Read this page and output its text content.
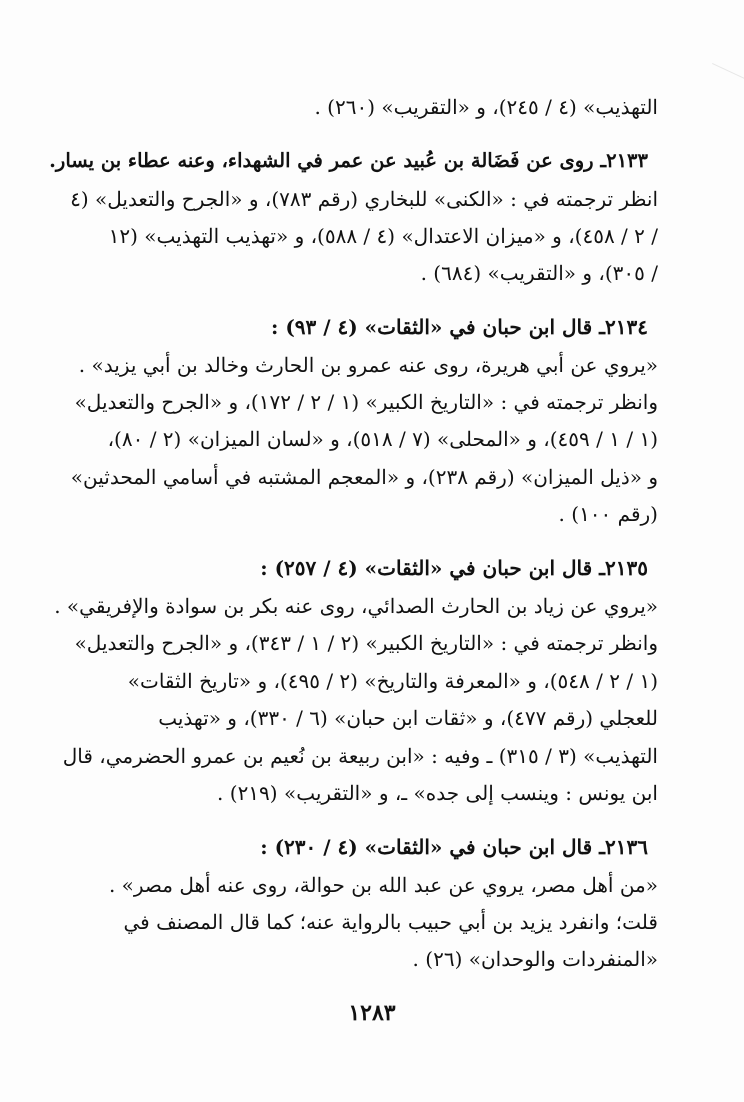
التهذيب» (٤ / ٢٤٥)، و «التقريب» (٢٦٠) .
٢١٣٣ـ روى عن فَضَالة بن عُبيد عن عمر في الشهداء، وعنه عطاء بن يسار.
انظر ترجمته في : «الكنى» للبخاري (رقم ٧٨٣)، و «الجرح والتعديل» (٤
/ ٢ / ٤٥٨)، و «ميزان الاعتدال» (٤ / ٥٨٨)، و «تهذيب التهذيب» (١٢
/ ٣٠٥)، و «التقريب» (٦٨٤) .
٢١٣٤ـ قال ابن حبان في «الثقات» (٤ / ٩٣) :
«يروي عن أبي هريرة، روى عنه عمرو بن الحارث وخالد بن أبي يزيد» .
وانظر ترجمته في : «التاريخ الكبير» (١ / ٢ / ١٧٢)، و «الجرح والتعديل»
(١ / ١ / ٤٥٩)، و «المحلى» (٧ / ٥١٨)، و «لسان الميزان» (٢ / ٨٠)،
و «ذيل الميزان» (رقم ٢٣٨)، و «المعجم المشتبه في أسامي المحدثين»
(رقم ١٠٠) .
٢١٣٥ـ قال ابن حبان في «الثقات» (٤ / ٢٥٧) :
«يروي عن زياد بن الحارث الصدائي، روى عنه بكر بن سوادة والإفريقي» .
وانظر ترجمته في : «التاريخ الكبير» (٢ / ١ / ٣٤٣)، و «الجرح والتعديل»
(١ / ٢ / ٥٤٨)، و «المعرفة والتاريخ» (٢ / ٤٩٥)، و «تاريخ الثقات»
للعجلي (رقم ٤٧٧)، و «ثقات ابن حبان» (٦ / ٣٣٠)، و «تهذيب
التهذيب» (٣ / ٣١٥) ـ وفيه : «ابن ربيعة بن نُعيم بن عمرو الحضرمي، قال
ابن يونس : وينسب إلى جده» ـ، و «التقريب» (٢١٩) .
٢١٣٦ـ قال ابن حبان في «الثقات» (٤ / ٢٣٠) :
«من أهل مصر، يروي عن عبد الله بن حوالة، روى عنه أهل مصر» .
قلت؛ وانفرد يزيد بن أبي حبيب بالرواية عنه؛ كما قال المصنف في
«المنفردات والوحدان» (٢٦) .
١٢٨٣
